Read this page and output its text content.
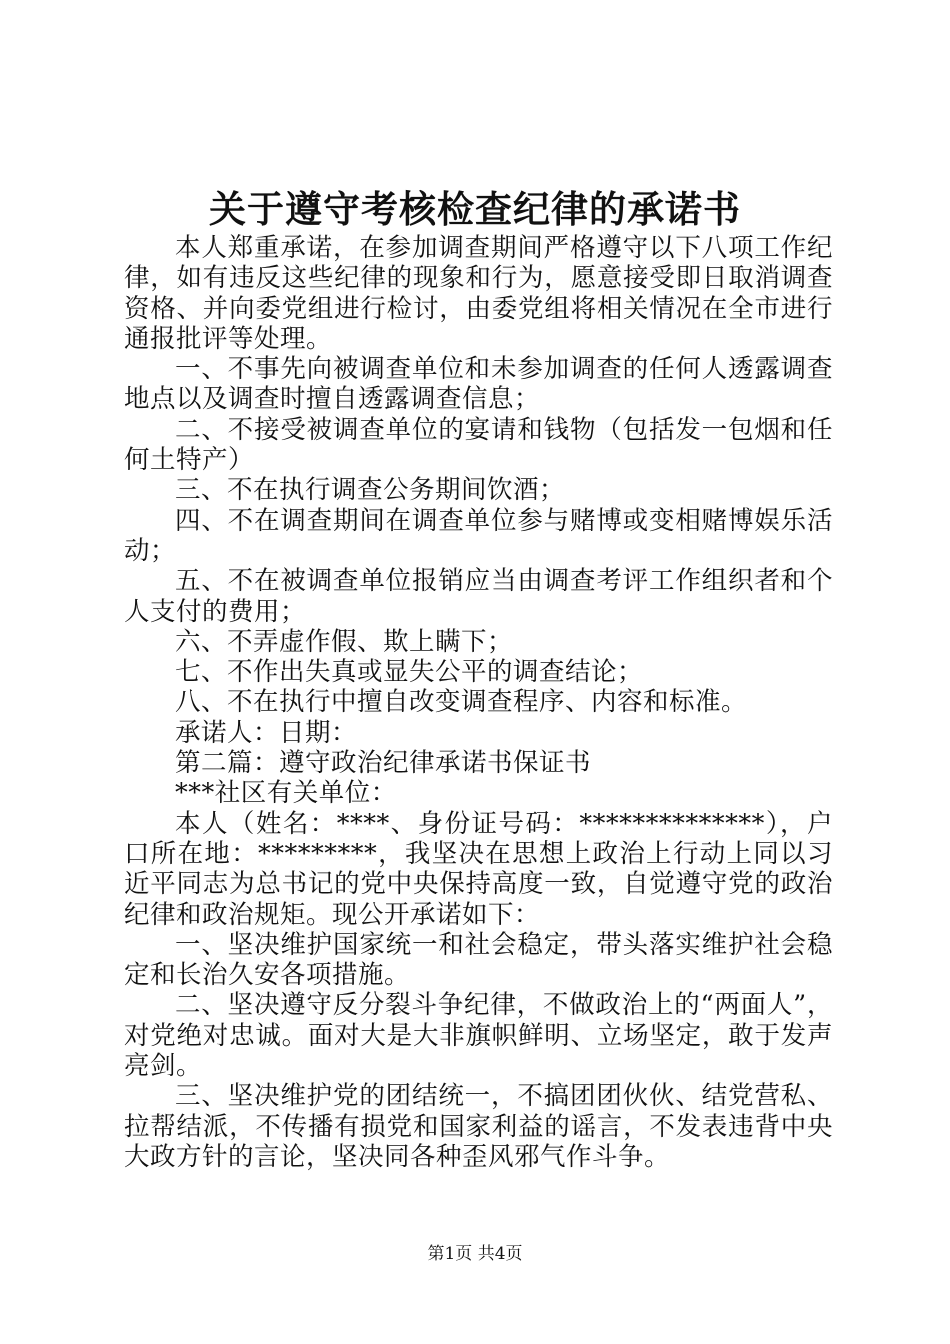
关于遵守考核检查纪律的承诺书

本人郑重承诺，在参加调查期间严格遵守以下八项工作纪律，如有违反这些纪律的现象和行为，愿意接受即日取消调查资格、并向委党组进行检讨，由委党组将相关情况在全市进行通报批评等处理。

一、不事先向被调查单位和未参加调查的任何人透露调查地点以及调查时擅自透露调查信息；

二、不接受被调查单位的宴请和钱物（包括发一包烟和任何土特产）

三、不在执行调查公务期间饮酒；

四、不在调查期间在调查单位参与赌博或变相赌博娱乐活动；

五、不在被调查单位报销应当由调查考评工作组织者和个人支付的费用；

六、不弄虚作假、欺上瞒下；

七、不作出失真或显失公平的调查结论；

八、不在执行中擅自改变调查程序、内容和标准。

承诺人：日期：

第二篇：遵守政治纪律承诺书保证书

***社区有关单位：

本人（姓名：****、身份证号码：**************），户口所在地：*********，我坚决在思想上政治上行动上同以习近平同志为总书记的党中央保持高度一致，自觉遵守党的政治纪律和政治规矩。现公开承诺如下：

一、坚决维护国家统一和社会稳定，带头落实维护社会稳定和长治久安各项措施。

二、坚决遵守反分裂斗争纪律，不做政治上的“两面人”，对党绝对忠诚。面对大是大非旗帜鲜明、立场坚定，敢于发声亮剑。

三、坚决维护党的团结统一，不搞团团伙伙、结党营私、拉帮结派，不传播有损党和国家利益的谣言，不发表违背中央大政方针的言论，坚决同各种歪风邪气作斗争。

第1页 共4页
